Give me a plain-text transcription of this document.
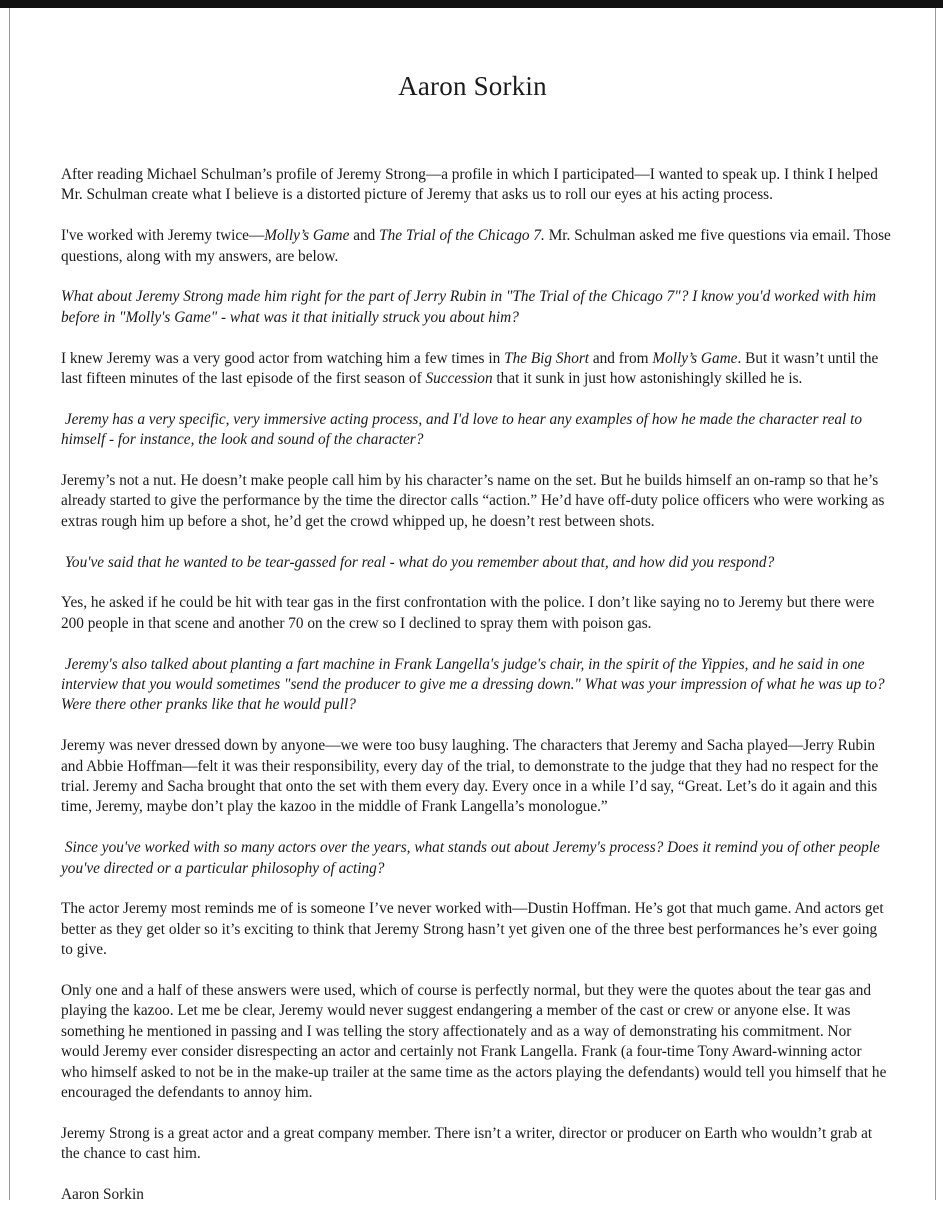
Aaron Sorkin

After reading Michael Schulman’s profile of Jeremy Strong—a profile in which I participated—I wanted to speak up. I think I helped Mr. Schulman create what I believe is a distorted picture of Jeremy that asks us to roll our eyes at his acting process.

I've worked with Jeremy twice—Molly’s Game and The Trial of the Chicago 7. Mr. Schulman asked me five questions via email. Those questions, along with my answers, are below.

What about Jeremy Strong made him right for the part of Jerry Rubin in "The Trial of the Chicago 7"? I know you'd worked with him before in "Molly's Game" - what was it that initially struck you about him?

I knew Jeremy was a very good actor from watching him a few times in The Big Short and from Molly’s Game. But it wasn’t until the last fifteen minutes of the last episode of the first season of Succession that it sunk in just how astonishingly skilled he is.

Jeremy has a very specific, very immersive acting process, and I'd love to hear any examples of how he made the character real to himself - for instance, the look and sound of the character?

Jeremy’s not a nut. He doesn’t make people call him by his character’s name on the set. But he builds himself an on-ramp so that he’s already started to give the performance by the time the director calls “action.” He’d have off-duty police officers who were working as extras rough him up before a shot, he’d get the crowd whipped up, he doesn’t rest between shots.

You've said that he wanted to be tear-gassed for real - what do you remember about that, and how did you respond?

Yes, he asked if he could be hit with tear gas in the first confrontation with the police. I don’t like saying no to Jeremy but there were 200 people in that scene and another 70 on the crew so I declined to spray them with poison gas.

Jeremy's also talked about planting a fart machine in Frank Langella's judge's chair, in the spirit of the Yippies, and he said in one interview that you would sometimes "send the producer to give me a dressing down." What was your impression of what he was up to? Were there other pranks like that he would pull?

Jeremy was never dressed down by anyone—we were too busy laughing. The characters that Jeremy and Sacha played—Jerry Rubin and Abbie Hoffman—felt it was their responsibility, every day of the trial, to demonstrate to the judge that they had no respect for the trial. Jeremy and Sacha brought that onto the set with them every day. Every once in a while I’d say, “Great. Let’s do it again and this time, Jeremy, maybe don’t play the kazoo in the middle of Frank Langella’s monologue.”

Since you've worked with so many actors over the years, what stands out about Jeremy's process? Does it remind you of other people you've directed or a particular philosophy of acting?

The actor Jeremy most reminds me of is someone I’ve never worked with—Dustin Hoffman. He’s got that much game. And actors get better as they get older so it’s exciting to think that Jeremy Strong hasn’t yet given one of the three best performances he’s ever going to give.

Only one and a half of these answers were used, which of course is perfectly normal, but they were the quotes about the tear gas and playing the kazoo. Let me be clear, Jeremy would never suggest endangering a member of the cast or crew or anyone else. It was something he mentioned in passing and I was telling the story affectionately and as a way of demonstrating his commitment. Nor would Jeremy ever consider disrespecting an actor and certainly not Frank Langella. Frank (a four-time Tony Award-winning actor who himself asked to not be in the make-up trailer at the same time as the actors playing the defendants) would tell you himself that he encouraged the defendants to annoy him.

Jeremy Strong is a great actor and a great company member. There isn’t a writer, director or producer on Earth who wouldn’t grab at the chance to cast him.

Aaron Sorkin
